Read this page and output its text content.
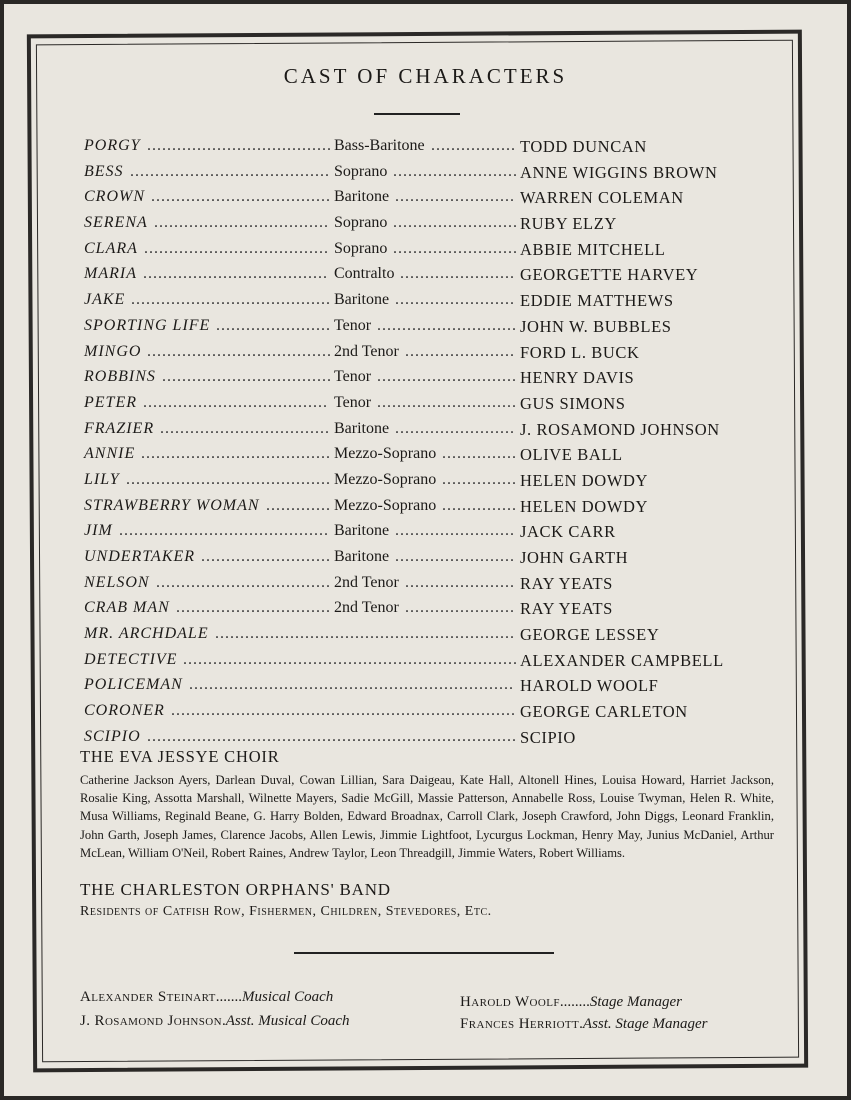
CAST OF CHARACTERS
PORGY ..................................... Bass-Baritone ................. TODD DUNCAN
BESS ........................................ Soprano ......................... ANNE WIGGINS BROWN
CROWN .................................... Baritone ........................ WARREN COLEMAN
SERENA ................................... Soprano ......................... RUBY ELZY
CLARA ..................................... Soprano ......................... ABBIE MITCHELL
MARIA ..................................... Contralto ....................... GEORGETTE HARVEY
JAKE ........................................ Baritone ........................ EDDIE MATTHEWS
SPORTING LIFE ....................... Tenor ............................ JOHN W. BUBBLES
MINGO ..................................... 2nd Tenor ...................... FORD L. BUCK
ROBBINS .................................. Tenor ............................ HENRY DAVIS
PETER ..................................... Tenor ............................ GUS SIMONS
FRAZIER .................................. Baritone ........................ J. ROSAMOND JOHNSON
ANNIE ...................................... Mezzo-Soprano ............... OLIVE BALL
LILY ......................................... Mezzo-Soprano ............... HELEN DOWDY
STRAWBERRY WOMAN ............. Mezzo-Soprano ............... HELEN DOWDY
JIM .......................................... Baritone ........................ JACK CARR
UNDERTAKER .......................... Baritone ........................ JOHN GARTH
NELSON ................................... 2nd Tenor ...................... RAY YEATS
CRAB MAN ............................... 2nd Tenor ...................... RAY YEATS
MR. ARCHDALE ............................................................ GEORGE LESSEY
DETECTIVE ................................................................... ALEXANDER CAMPBELL
POLICEMAN ................................................................. HAROLD WOOLF
CORONER ..................................................................... GEORGE CARLETON
SCIPIO .......................................................................... SCIPIO
THE EVA JESSYE CHOIR
Catherine Jackson Ayers, Darlean Duval, Cowan Lillian, Sara Daigeau, Kate Hall, Altonell Hines, Louisa Howard, Harriet Jackson, Rosalie King, Assotta Marshall, Wilnette Mayers, Sadie McGill, Massie Patterson, Annabelle Ross, Louise Twyman, Helen R. White, Musa Williams, Reginald Beane, G. Harry Bolden, Edward Broadnax, Carroll Clark, Joseph Crawford, John Diggs, Leonard Franklin, John Garth, Joseph James, Clarence Jacobs, Allen Lewis, Jimmie Lightfoot, Lycurgus Lockman, Henry May, Junius McDaniel, Arthur McLean, William O'Neil, Robert Raines, Andrew Taylor, Leon Threadgill, Jimmie Waters, Robert Williams.
THE CHARLESTON ORPHANS' BAND
Residents of Catfish Row, Fishermen, Children, Stevedores, Etc.
Alexander Steinart.......Musical Coach
J. Rosamond Johnson.Asst. Musical Coach
Harold Woolf........Stage Manager
Frances Herriott.Asst. Stage Manager
